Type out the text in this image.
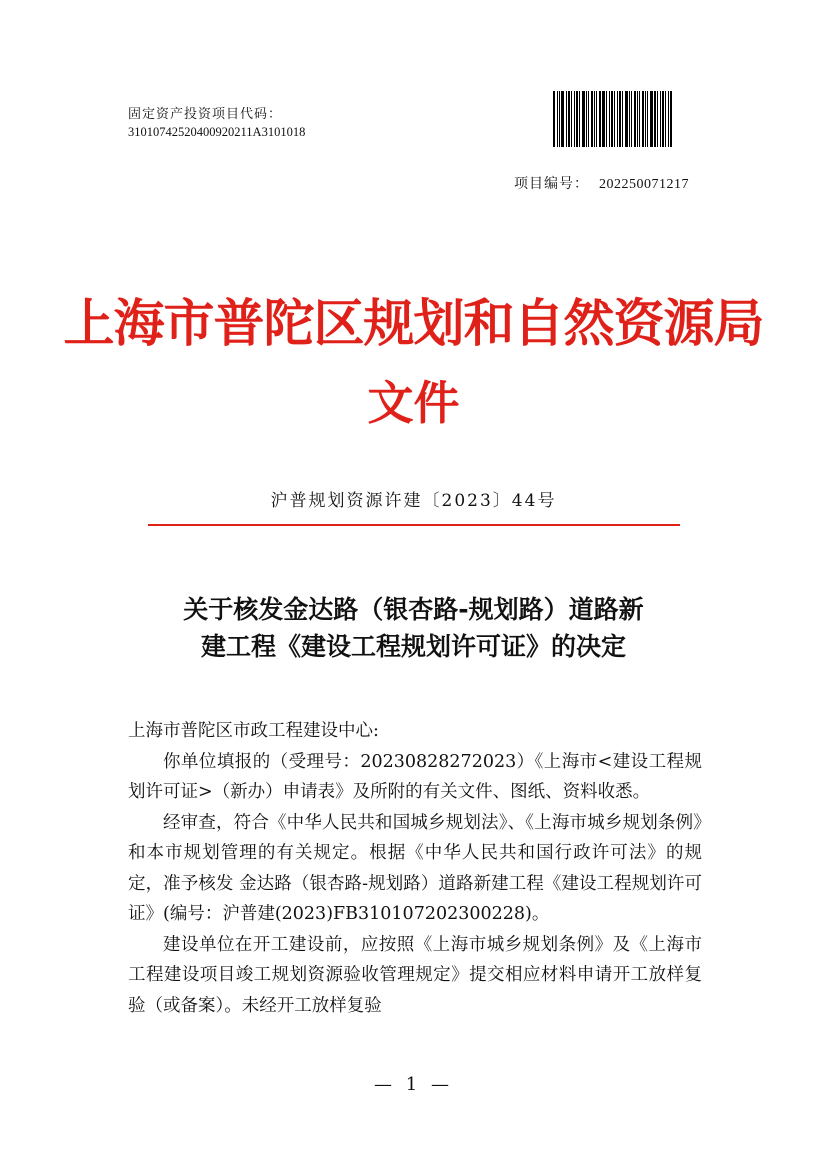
固定资产投资项目代码：
3101074252040092021​1A3101018
项目编号： 202250071217
上海市普陀区规划和自然资源局
文件
沪普规划资源许建〔2023〕44号
关于核发金达路（银杏路-规划路）道路新
建工程《建设工程规划许可证》的决定

上海市普陀区市政工程建设中心:

你单位填报的（受理号：20230828272023）《上海市<建设工程规划许可证>（新办）申请表》及所附的有关文件、图纸、资料收悉。

经审查，符合《中华人民共和国城乡规划法》、《上海市城乡规划条例》和本市规划管理的有关规定。根据《中华人民共和国行政许可法》的规定，准予核发 金达路（银杏路-规划路）道路新建工程《建设工程规划许可证》(编号：沪普建(2023)FB310107202300228)。

建设单位在开工建设前，应按照《上海市城乡规划条例》及《上海市工程建设项目竣工规划资源验收管理规定》提交相应材料申请开工放样复验（或备案）。未经开工放样复验

— 1 —
